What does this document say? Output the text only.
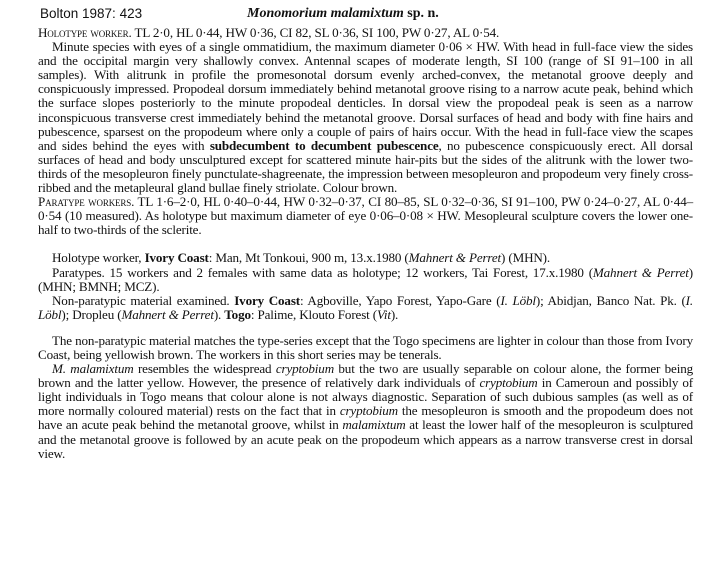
Bolton 1987: 423	Monomorium malamixtum sp. n.

Holotype worker. TL 2·0, HL 0·44, HW 0·36, CI 82, SL 0·36, SI 100, PW 0·27, AL 0·54.

Minute species with eyes of a single ommatidium, the maximum diameter 0·06 × HW. With head in full-face view the sides and the occipital margin very shallowly convex. Antennal scapes of moderate length, SI 100 (range of SI 91–100 in all samples). With alitrunk in profile the promesonotal dorsum evenly arched-convex, the metanotal groove deeply and conspicuously impressed. Propodeal dorsum immediately behind metanotal groove rising to a narrow acute peak, behind which the surface slopes posteriorly to the minute propodeal denticles. In dorsal view the propodeal peak is seen as a narrow inconspicuous transverse crest immediately behind the metanotal groove. Dorsal surfaces of head and body with fine hairs and pubescence, sparsest on the propodeum where only a couple of pairs of hairs occur. With the head in full-face view the scapes and sides behind the eyes with subdecumbent to decumbent pubescence, no pubescence conspicuously erect. All dorsal surfaces of head and body unsculptured except for scattered minute hair-pits but the sides of the alitrunk with the lower two-thirds of the mesopleuron finely punctulate-shagreenate, the impression between mesopleuron and propodeum very finely cross-ribbed and the metapleural gland bullae finely striolate. Colour brown.

Paratype workers. TL 1·6–2·0, HL 0·40–0·44, HW 0·32–0·37, CI 80–85, SL 0·32–0·36, SI 91–100, PW 0·24–0·27, AL 0·44–0·54 (10 measured). As holotype but maximum diameter of eye 0·06–0·08 × HW. Mesopleural sculpture covers the lower one-half to two-thirds of the sclerite.

Holotype worker, Ivory Coast: Man, Mt Tonkoui, 900 m, 13.x.1980 (Mahnert & Perret) (MHN).

Paratypes. 15 workers and 2 females with same data as holotype; 12 workers, Tai Forest, 17.x.1980 (Mahnert & Perret) (MHN; BMNH; MCZ).

Non-paratypic material examined. Ivory Coast: Agboville, Yapo Forest, Yapo-Gare (I. Löbl); Abidjan, Banco Nat. Pk. (I. Löbl); Dropleu (Mahnert & Perret). Togo: Palime, Klouto Forest (Vit).

The non-paratypic material matches the type-series except that the Togo specimens are lighter in colour than those from Ivory Coast, being yellowish brown. The workers in this short series may be tenerals.

M. malamixtum resembles the widespread cryptobium but the two are usually separable on colour alone, the former being brown and the latter yellow. However, the presence of relatively dark individuals of cryptobium in Cameroun and possibly of light individuals in Togo means that colour alone is not always diagnostic. Separation of such dubious samples (as well as of more normally coloured material) rests on the fact that in cryptobium the mesopleuron is smooth and the propodeum does not have an acute peak behind the metanotal groove, whilst in malamixtum at least the lower half of the mesopleuron is sculptured and the metanotal groove is followed by an acute peak on the propodeum which appears as a narrow transverse crest in dorsal view.
